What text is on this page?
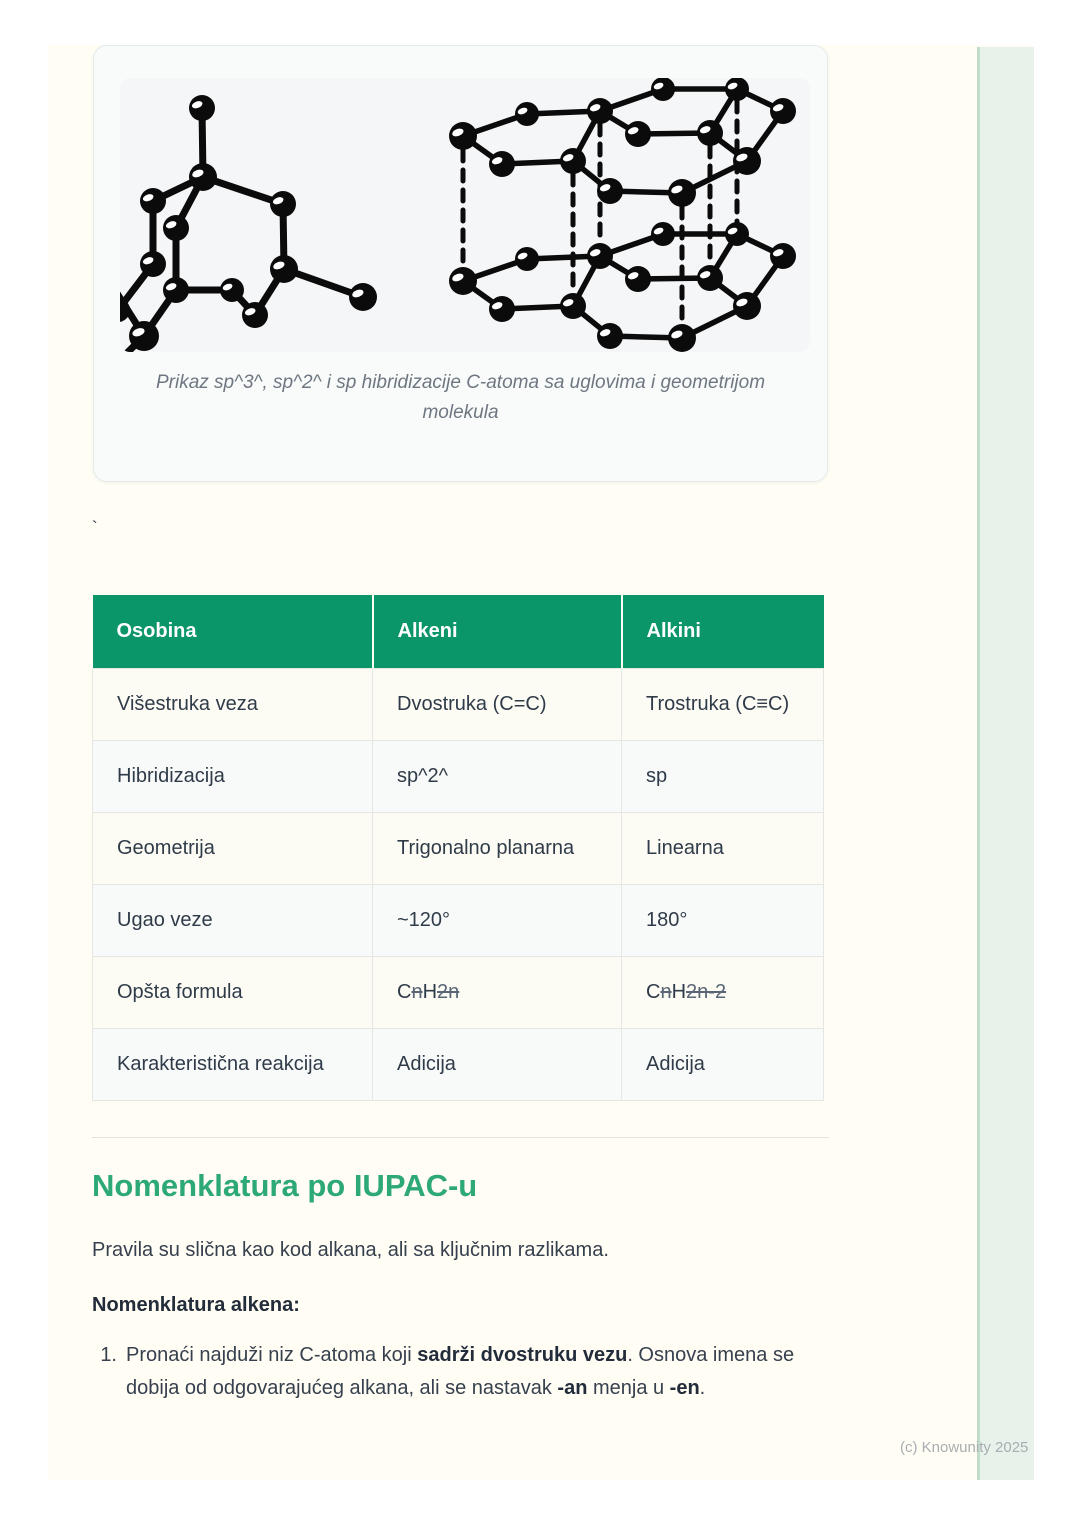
Prikaz sp^3^, sp^2^ i sp hibridizacije C-atoma sa uglovima i geometrijom molekula
`
Osobina	Alkeni	Alkini
Višestruka veza	Dvostruka (C=C)	Trostruka (C≡C)
Hibridizacija	sp^2^	sp
Geometrija	Trigonalno planarna	Linearna
Ugao veze	~120°	180°
Opšta formula	CnH2n	CnH2n-2
Karakteristična reakcija	Adicija	Adicija
Nomenklatura po IUPAC-u
Pravila su slična kao kod alkana, ali sa ključnim razlikama.
Nomenklatura alkena:
1. Pronaći najduži niz C-atoma koji sadrži dvostruku vezu. Osnova imena se dobija od odgovarajućeg alkana, ali se nastavak -an menja u -en.
(c) Knowunity 2025
